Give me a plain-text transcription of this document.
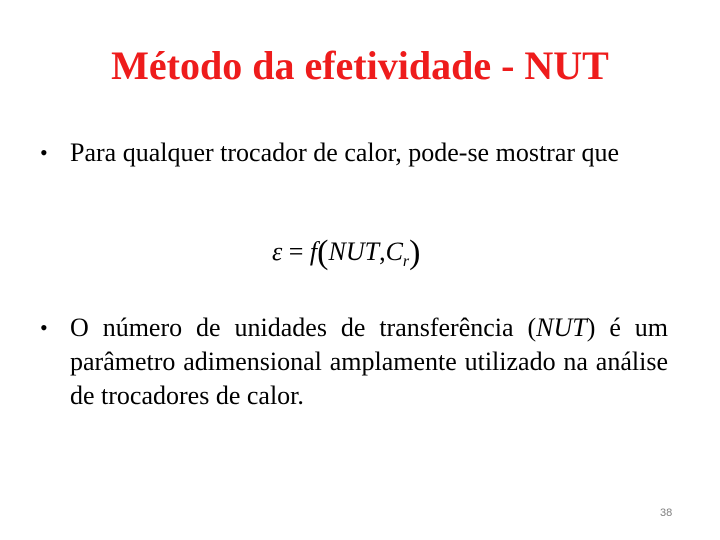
Método da efetividade - NUT
• Para qualquer trocador de calor, pode-se mostrar que
$\varepsilon = f(NUT,C_r)$
• O número de unidades de transferência (NUT) é um parâmetro adimensional amplamente utilizado na análise de trocadores de calor.
38
